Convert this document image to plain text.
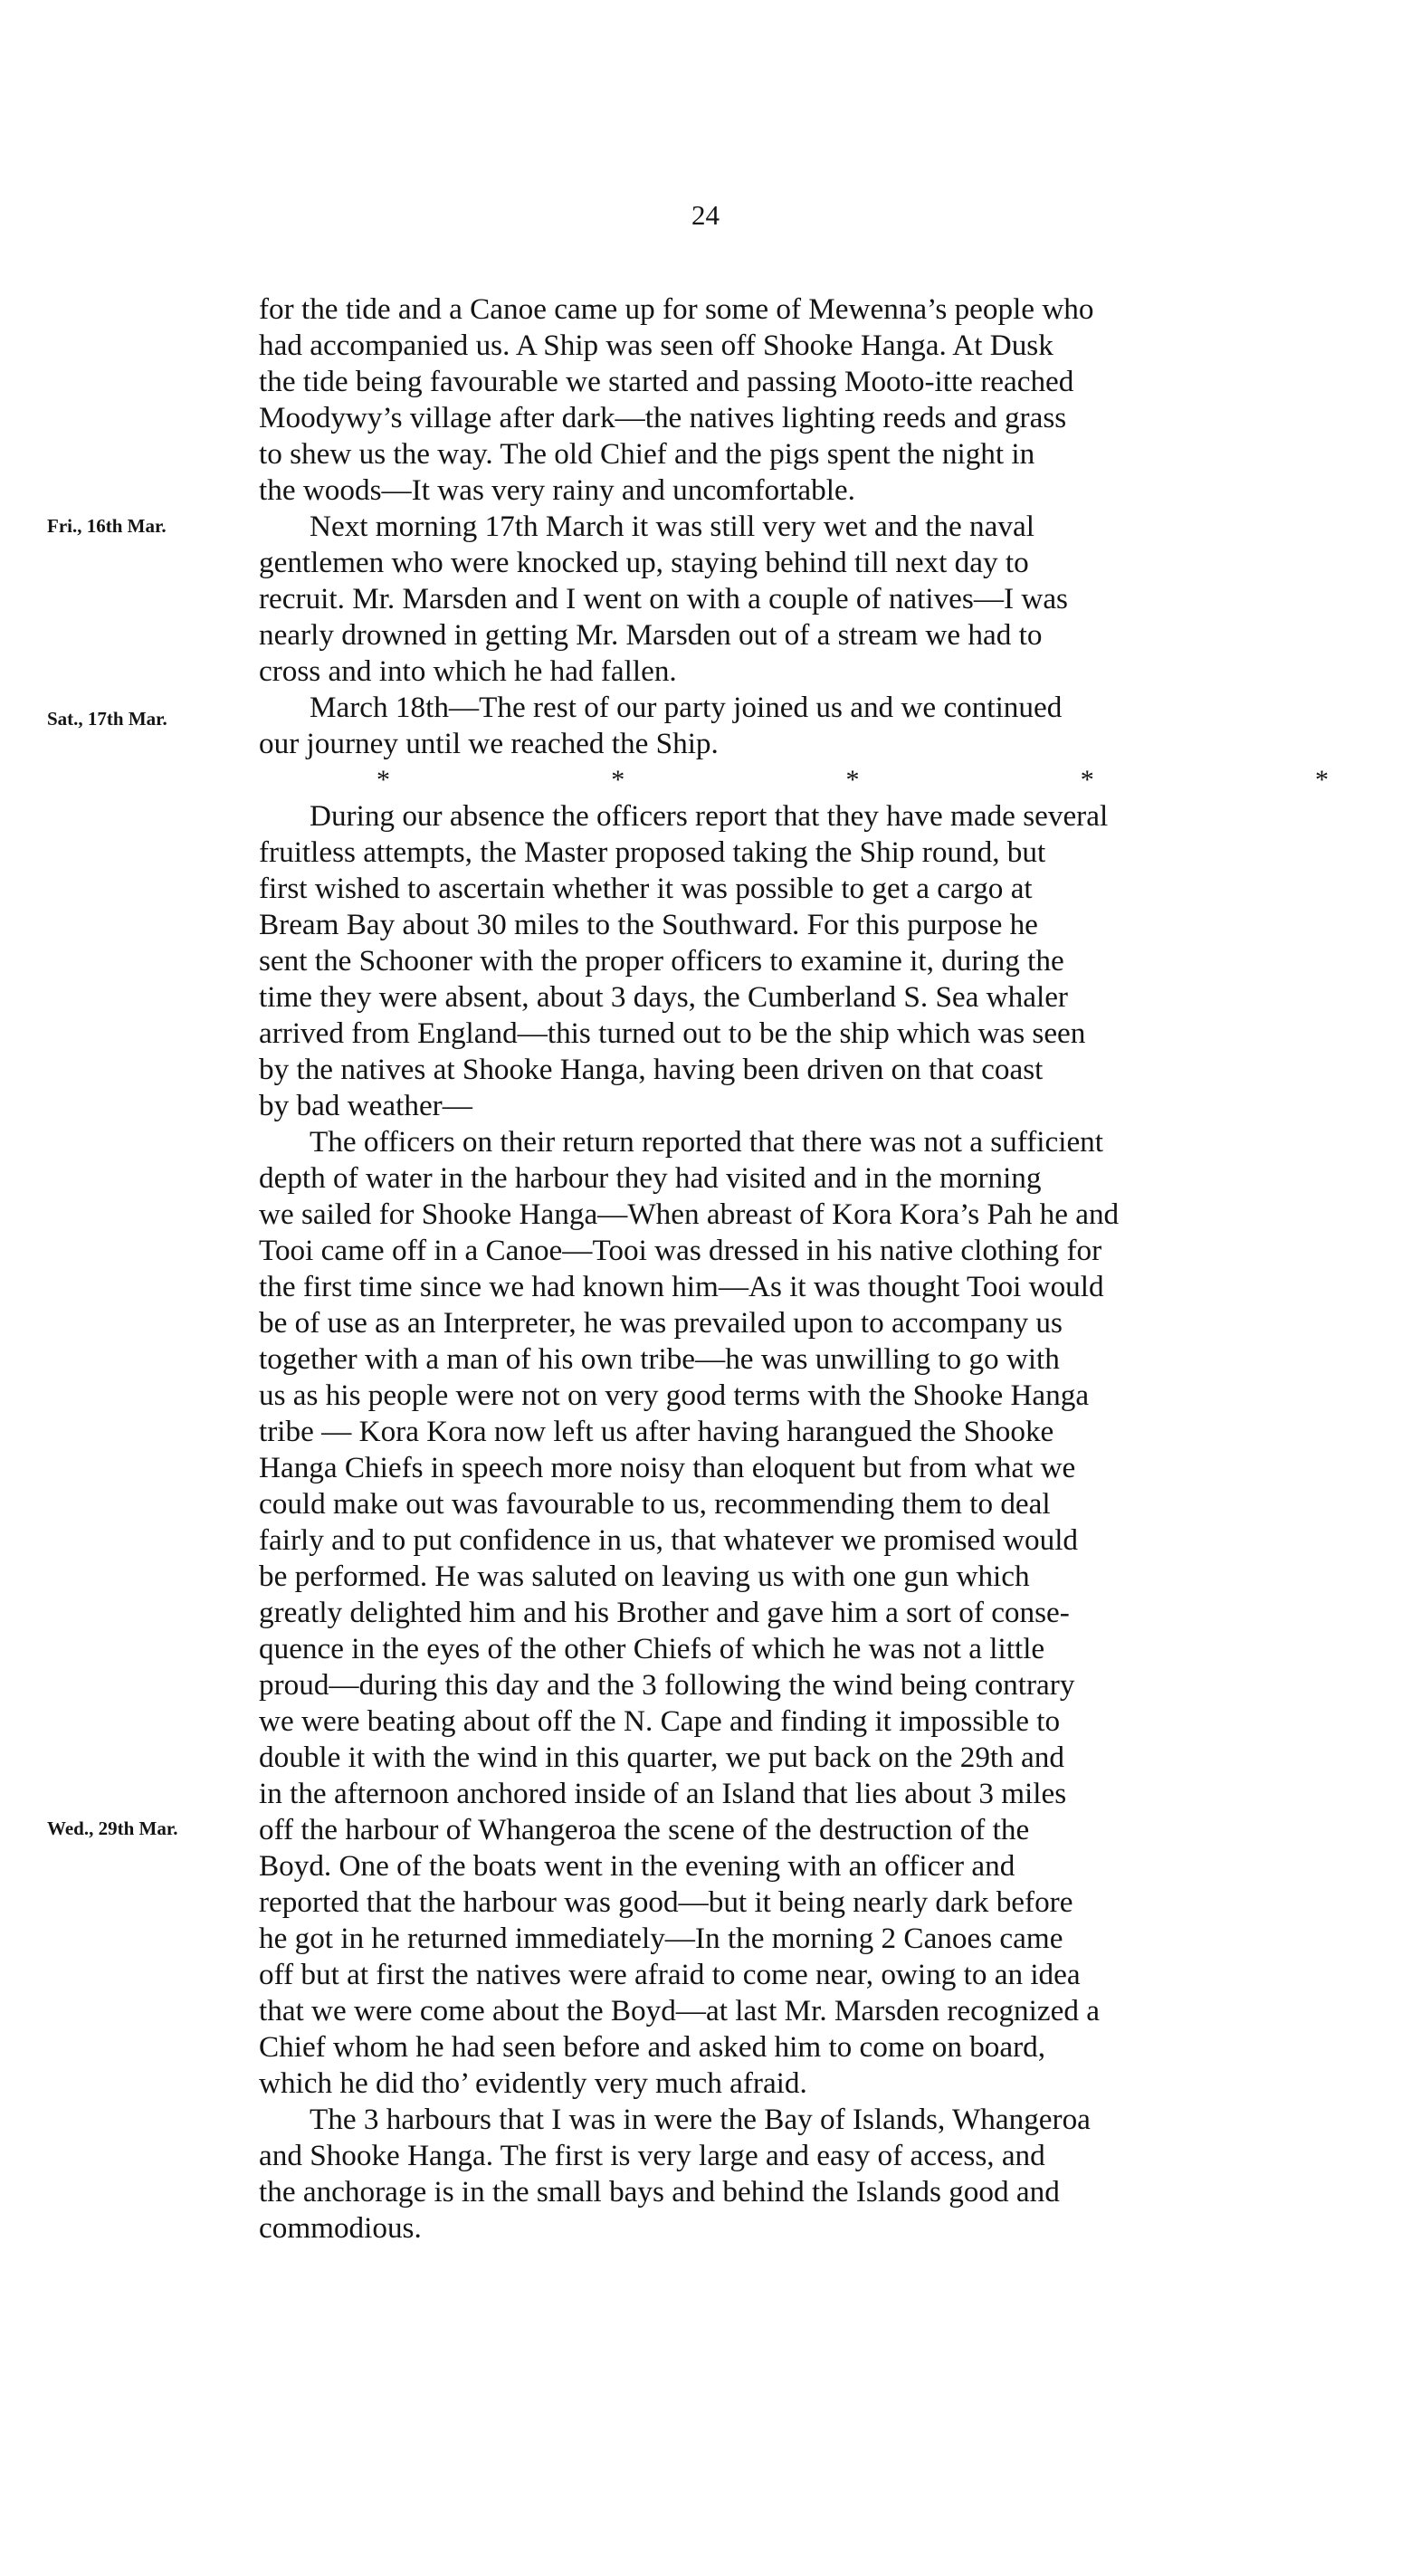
24
Fri., 16th Mar.
Sat., 17th Mar.
Wed., 29th Mar.
for the tide and a Canoe came up for some of Mewenna’s people who
had accompanied us. A Ship was seen off Shooke Hanga. At Dusk
the tide being favourable we started and passing Mooto-itte reached
Moodywy’s village after dark—the natives lighting reeds and grass
to shew us the way. The old Chief and the pigs spent the night in
the woods—It was very rainy and uncomfortable.
Next morning 17th March it was still very wet and the naval
gentlemen who were knocked up, staying behind till next day to
recruit. Mr. Marsden and I went on with a couple of natives—I was
nearly drowned in getting Mr. Marsden out of a stream we had to
cross and into which he had fallen.
March 18th—The rest of our party joined us and we continued
our journey until we reached the Ship.
*	*	*	*	*
During our absence the officers report that they have made several
fruitless attempts, the Master proposed taking the Ship round, but
first wished to ascertain whether it was possible to get a cargo at
Bream Bay about 30 miles to the Southward. For this purpose he
sent the Schooner with the proper officers to examine it, during the
time they were absent, about 3 days, the Cumberland S. Sea whaler
arrived from England—this turned out to be the ship which was seen
by the natives at Shooke Hanga, having been driven on that coast
by bad weather—
The officers on their return reported that there was not a sufficient
depth of water in the harbour they had visited and in the morning
we sailed for Shooke Hanga—When abreast of Kora Kora’s Pah he and
Tooi came off in a Canoe—Tooi was dressed in his native clothing for
the first time since we had known him—As it was thought Tooi would
be of use as an Interpreter, he was prevailed upon to accompany us
together with a man of his own tribe—he was unwilling to go with
us as his people were not on very good terms with the Shooke Hanga
tribe — Kora Kora now left us after having harangued the Shooke
Hanga Chiefs in speech more noisy than eloquent but from what we
could make out was favourable to us, recommending them to deal
fairly and to put confidence in us, that whatever we promised would
be performed. He was saluted on leaving us with one gun which
greatly delighted him and his Brother and gave him a sort of conse-
quence in the eyes of the other Chiefs of which he was not a little
proud—during this day and the 3 following the wind being contrary
we were beating about off the N. Cape and finding it impossible to
double it with the wind in this quarter, we put back on the 29th and
in the afternoon anchored inside of an Island that lies about 3 miles
off the harbour of Whangeroa the scene of the destruction of the
Boyd. One of the boats went in the evening with an officer and
reported that the harbour was good—but it being nearly dark before
he got in he returned immediately—In the morning 2 Canoes came
off but at first the natives were afraid to come near, owing to an idea
that we were come about the Boyd—at last Mr. Marsden recognized a
Chief whom he had seen before and asked him to come on board,
which he did tho’ evidently very much afraid.
The 3 harbours that I was in were the Bay of Islands, Whangeroa
and Shooke Hanga. The first is very large and easy of access, and
the anchorage is in the small bays and behind the Islands good and
commodious.
